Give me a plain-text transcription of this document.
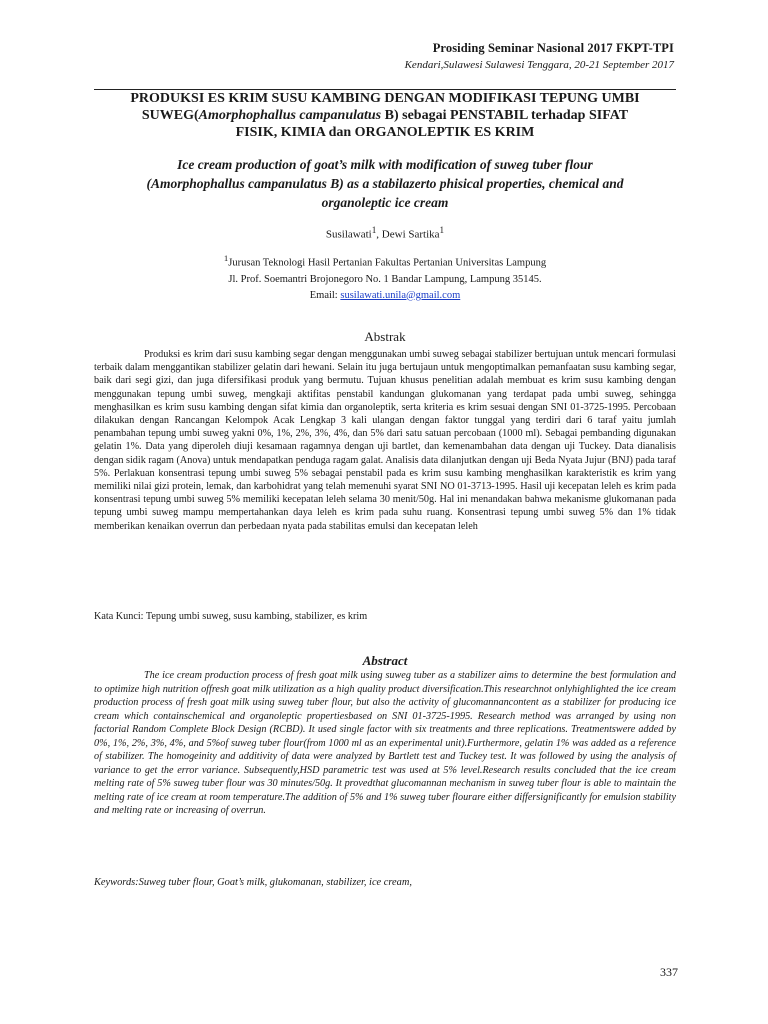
Prosiding Seminar Nasional 2017 FKPT-TPI
Kendari,Sulawesi Sulawesi Tenggara, 20-21 September 2017
PRODUKSI ES KRIM SUSU KAMBING DENGAN MODIFIKASI TEPUNG UMBI
SUWEG(Amorphophallus campanulatus B) sebagai PENSTABIL terhadap SIFAT
FISIK, KIMIA dan ORGANOLEPTIK ES KRIM
Ice cream production of goat’s milk with modification of suweg tuber flour
(Amorphophallus campanulatus B) as a stabilazerto phisical properties, chemical and
organoleptic ice cream
Susilawati$^1$, Dewi Sartika$^1$
$^1$Jurusan Teknologi Hasil Pertanian Fakultas Pertanian Universitas Lampung
Jl. Prof. Soemantri Brojonegoro No. 1 Bandar Lampung, Lampung 35145.
Email: susilawati.unila@gmail.com
Abstrak
Produksi es krim dari susu kambing segar dengan menggunakan umbi suweg sebagai stabilizer bertujuan untuk mencari formulasi terbaik dalam menggantikan stabilizer gelatin dari hewani. Selain itu juga bertujaun untuk mengoptimalkan pemanfaatan susu kambing segar, baik dari segi gizi, dan juga difersifikasi produk yang bermutu. Tujuan khusus penelitian adalah membuat es krim susu kambing dengan menggunakan tepung umbi suweg, mengkaji aktifitas penstabil kandungan glukomanan yang terdapat pada umbi suweg, sehingga menghasilkan es krim susu kambing dengan sifat kimia dan organoleptik, serta kriteria es krim sesuai dengan SNI 01-3725-1995. Percobaan dilakukan dengan Rancangan Kelompok Acak Lengkap 3 kali ulangan dengan faktor tunggal yang terdiri dari 6 taraf yaitu jumlah penambahan tepung umbi suweg yakni 0%, 1%, 2%, 3%, 4%, dan 5% dari satu satuan percobaan (1000 ml). Sebagai pembanding digunakan gelatin 1%. Data yang diperoleh diuji kesamaan ragamnya dengan uji bartlet, dan kemenambahan data dengan uji Tuckey. Data dianalisis dengan sidik ragam (Anova) untuk mendapatkan penduga ragam galat. Analisis data dilanjutkan dengan uji Beda Nyata Jujur (BNJ) pada taraf 5%. Perlakuan konsentrasi tepung umbi suweg 5% sebagai penstabil pada es krim susu kambing menghasilkan karakteristik es krim yang memiliki nilai gizi protein, lemak, dan karbohidrat yang telah memenuhi syarat SNI NO 01-3713-1995. Hasil uji kecepatan leleh es krim pada konsentrasi tepung umbi suweg 5% memiliki kecepatan leleh selama 30 menit/50g. Hal ini menandakan bahwa mekanisme glukomanan pada tepung umbi suweg mampu mempertahankan daya leleh es krim pada suhu ruang. Konsentrasi tepung umbi suweg 5% dan 1% tidak memberikan kenaikan overrun dan perbedaan nyata pada stabilitas emulsi dan kecepatan leleh
Kata Kunci: Tepung umbi suweg, susu kambing, stabilizer, es krim
Abstract
The ice cream production process of fresh goat milk using suweg tuber as a stabilizer aims to determine the best formulation and to optimize high nutrition offresh goat milk utilization as a high quality product diversification.This researchnot onlyhighlighted the ice cream production process of fresh goat milk using suweg tuber flour, but also the activity of glucomannancontent as a stabilizer for producing ice cream which containschemical and organoleptic propertiesbased on SNI 01-3725-1995. Research method was arranged by using non factorial Random Complete Block Design (RCBD). It used single factor with six treatments and three replications. Treatmentswere added by 0%, 1%, 2%, 3%, 4%, and 5%of suweg tuber flour(from 1000 ml as an experimental unit).Furthermore, gelatin 1% was added as a reference of stabilizer. The homogeinity and additivity of data were analyzed by Bartlett test and Tuckey test. It was followed by using the analysis of variance to get the error variance. Subsequently,HSD parametric test was used at 5% level.Research results concluded that the ice cream melting rate of 5% suweg tuber flour was 30 minutes/50g. It provedthat glucomannan mechanism in suweg tuber flour is able to maintain the melting rate of ice cream at room temperature.The addition of 5% and 1% suweg tuber flourare either differsignificantly for emulsion stability and melting rate or increasing of overrun.
Keywords:Suweg tuber flour, Goat’s milk, glukomanan, stabilizer, ice cream,
337
